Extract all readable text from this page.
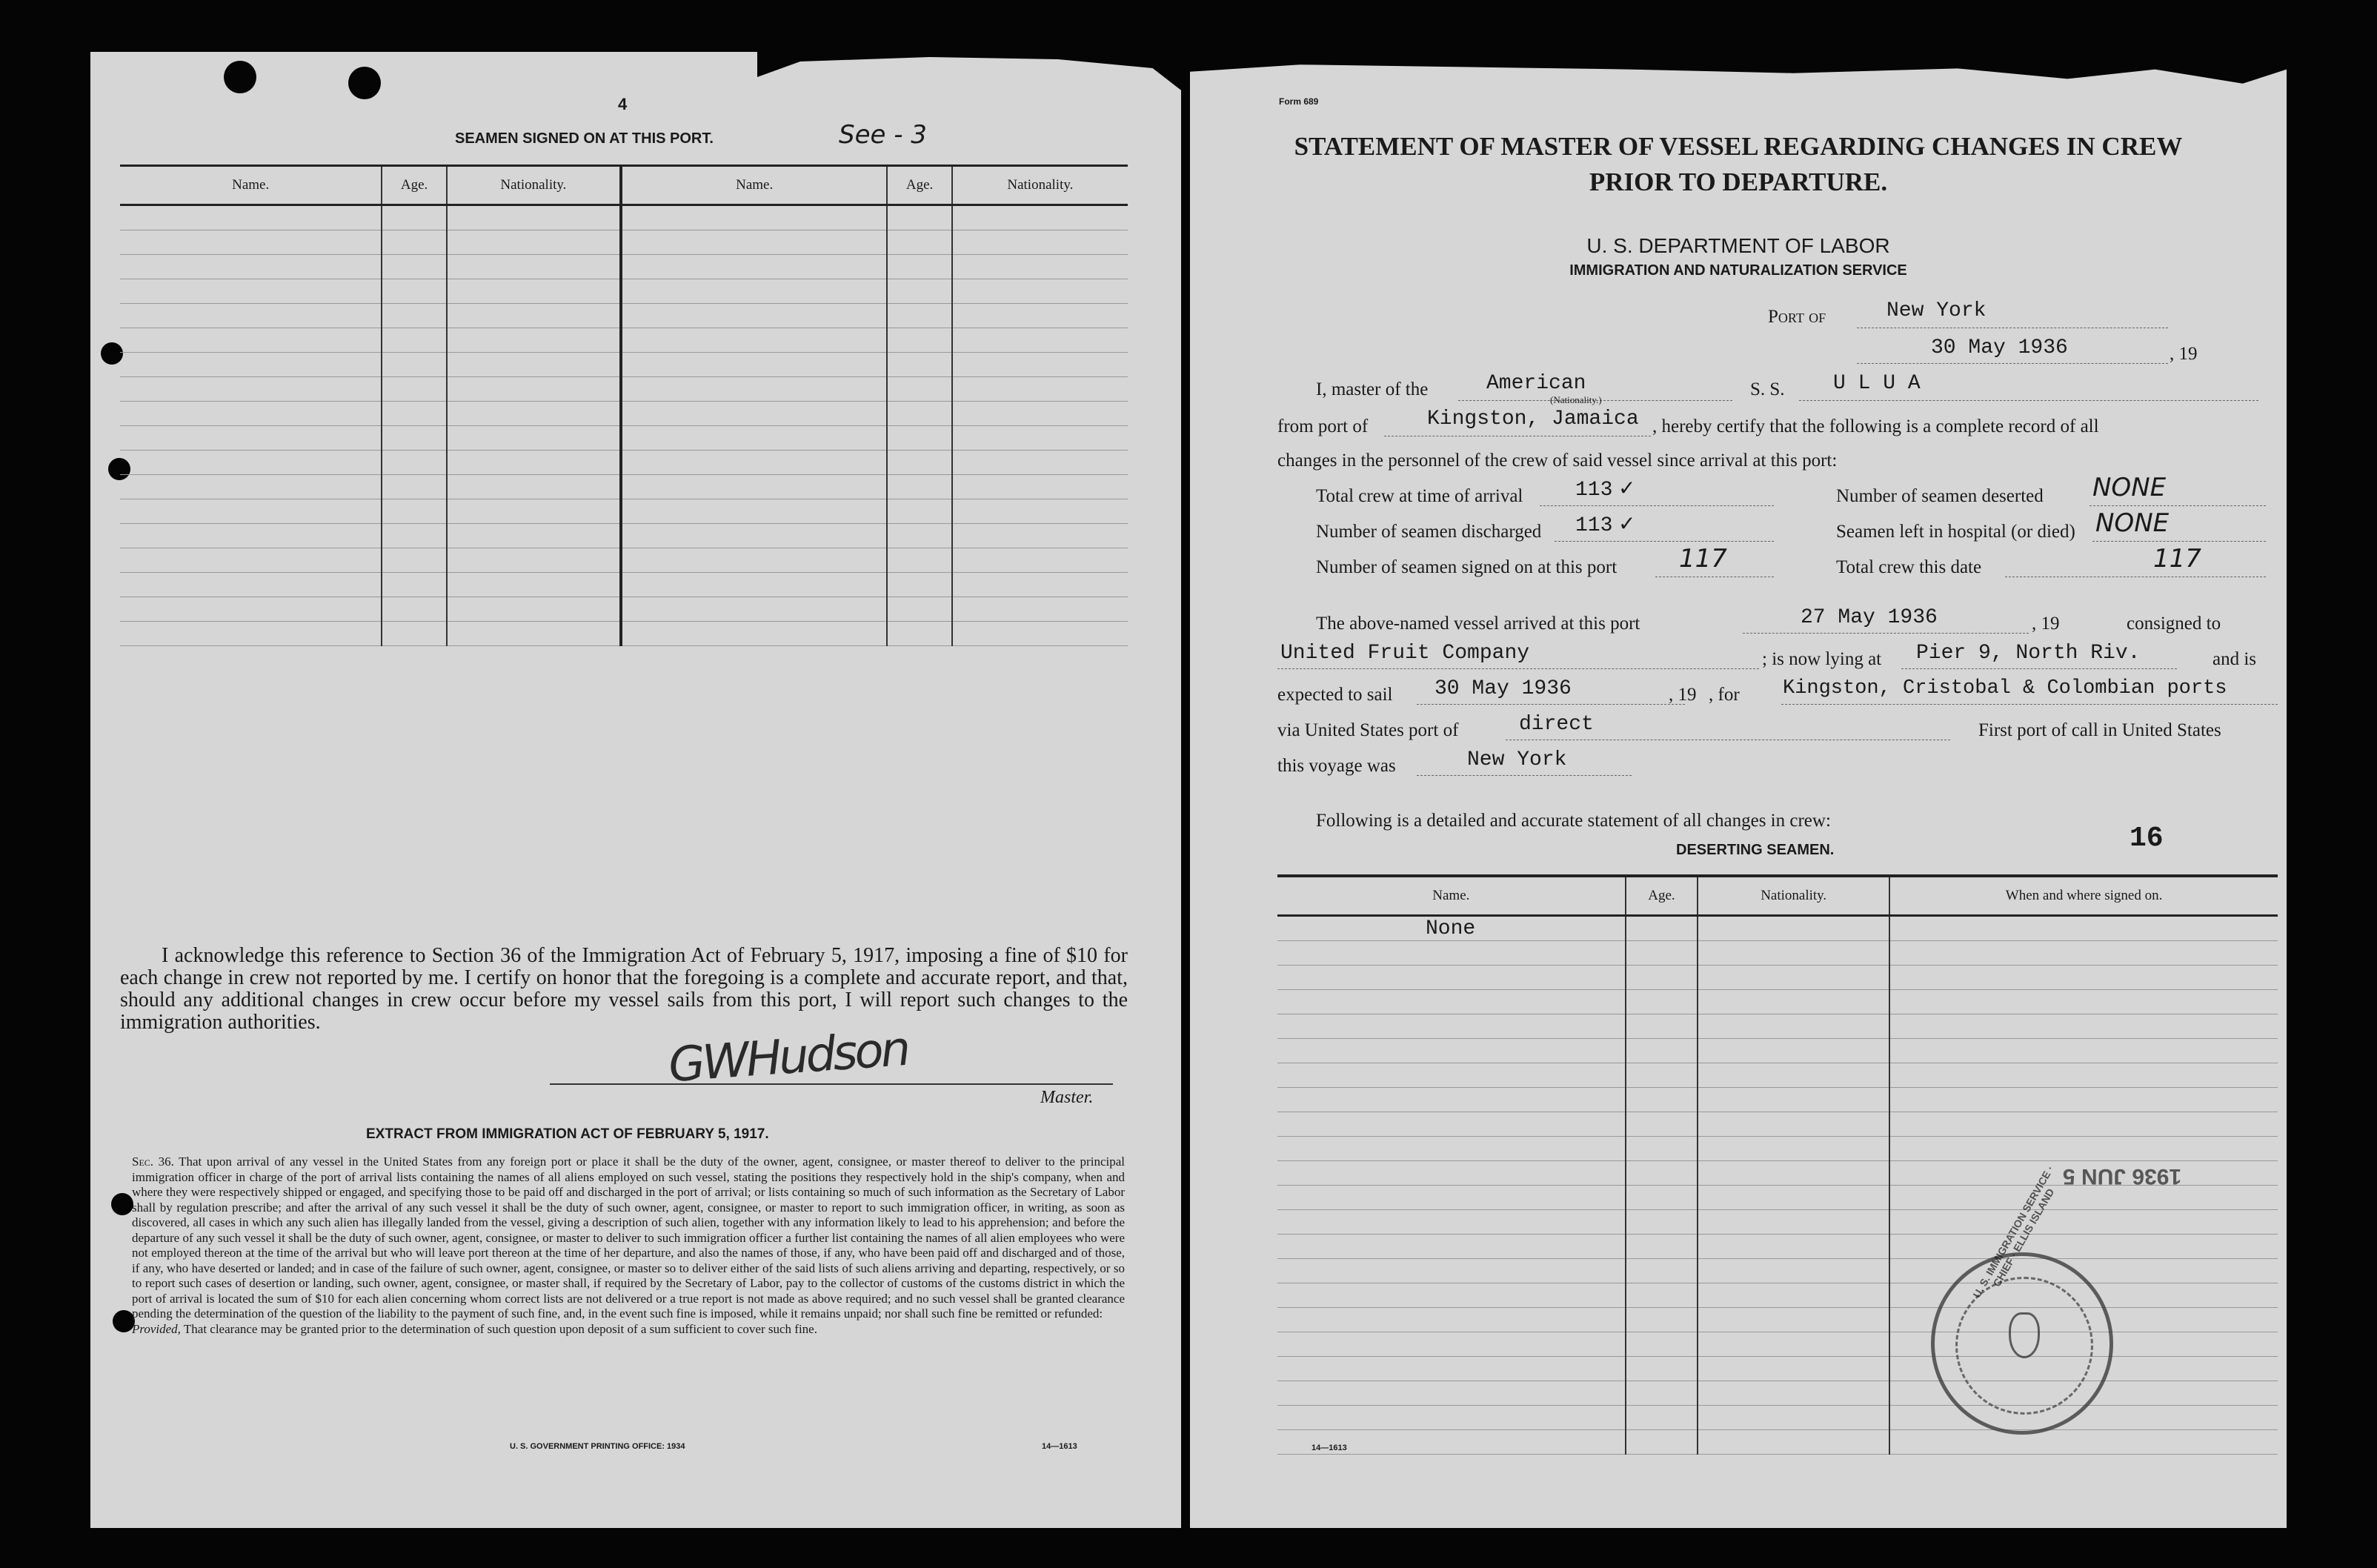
4
SEAMEN SIGNED ON AT THIS PORT.	See - 3
Name.	Age.	Nationality.	Name.	Age.	Nationality.

I acknowledge this reference to Section 36 of the Immigration Act of February 5, 1917, imposing a fine of $10 for each change in crew not reported by me. I certify on honor that the foregoing is a complete and accurate report, and that, should any additional changes in crew occur before my vessel sails from this port, I will report such changes to the immigration authorities.	GWHudson
Master.
EXTRACT FROM IMMIGRATION ACT OF FEBRUARY 5, 1917.

Sec. 36. That upon arrival of any vessel in the United States from any foreign port or place it shall be the duty of the owner, agent, consignee, or master thereof to deliver to the principal immigration officer in charge of the port of arrival lists containing the names of all aliens employed on such vessel, stating the positions they respectively hold in the ship's company, when and where they were respectively shipped or engaged, and specifying those to be paid off and discharged in the port of arrival; or lists containing so much of such information as the Secretary of Labor shall by regulation prescribe; and after the arrival of any such vessel it shall be the duty of such owner, agent, consignee, or master to report to such immigration officer, in writing, as soon as discovered, all cases in which any such alien has illegally landed from the vessel, giving a description of such alien, together with any information likely to lead to his apprehension; and before the departure of any such vessel it shall be the duty of such owner, agent, consignee, or master to deliver to such immigration officer a further list containing the names of all alien employees who were not employed thereon at the time of the arrival but who will leave port thereon at the time of her departure, and also the names of those, if any, who have been paid off and discharged and of those, if any, who have deserted or landed; and in case of the failure of such owner, agent, consignee, or master so to deliver either of the said lists of such aliens arriving and departing, respectively, or so to report such cases of desertion or landing, such owner, agent, consignee, or master shall, if required by the Secretary of Labor, pay to the collector of customs of the customs district in which the port of arrival is located the sum of $10 for each alien concerning whom correct lists are not delivered or a true report is not made as above required; and no such vessel shall be granted clearance pending the determination of the question of the liability to the payment of such fine, and, in the event such fine is imposed, while it remains unpaid; nor shall such fine be remitted or refunded:
Provided, That clearance may be granted prior to the determination of such question upon deposit of a sum sufficient to cover such fine.

U. S. GOVERNMENT PRINTING OFFICE: 1934	14—1613
Form 689
STATEMENT OF MASTER OF VESSEL REGARDING CHANGES IN CREW
PRIOR TO DEPARTURE.
U. S. DEPARTMENT OF LABOR
IMMIGRATION AND NATURALIZATION SERVICE
Port of	New York
30 May 1936	, 19
I, master of the	American
(Nationality.)
S. S. U L U A
from port of	Kingston, Jamaica , hereby certify that the following is a complete record of all
changes in the personnel of the crew of said vessel since arrival at this port:
Total crew at time of arrival	113 ✓	Number of seamen deserted NONE
Number of seamen discharged 113 ✓	Seamen left in hospital (or died) NONE
Number of seamen signed on at this port 117	Total crew this date	117
The above-named vessel arrived at this port	27 May 1936	, 19	consigned to
United Fruit Company	; is now lying at Pier 9, North Riv.	and is
expected to sail 30 May 1936	, 19 , for Kingston, Cristobal & Colombian ports
via United States port of	direct	First port of call in United States
this voyage was	New York
Following is a detailed and accurate statement of all changes in crew:
DESERTING SEAMEN.	16
Name.	Age.	Nationality.	When and where signed on.
None			

U. S. IMMIGRATION SERVICE · CHIEF · ELLIS ISLAND
1936 JUN 5
14—1613
